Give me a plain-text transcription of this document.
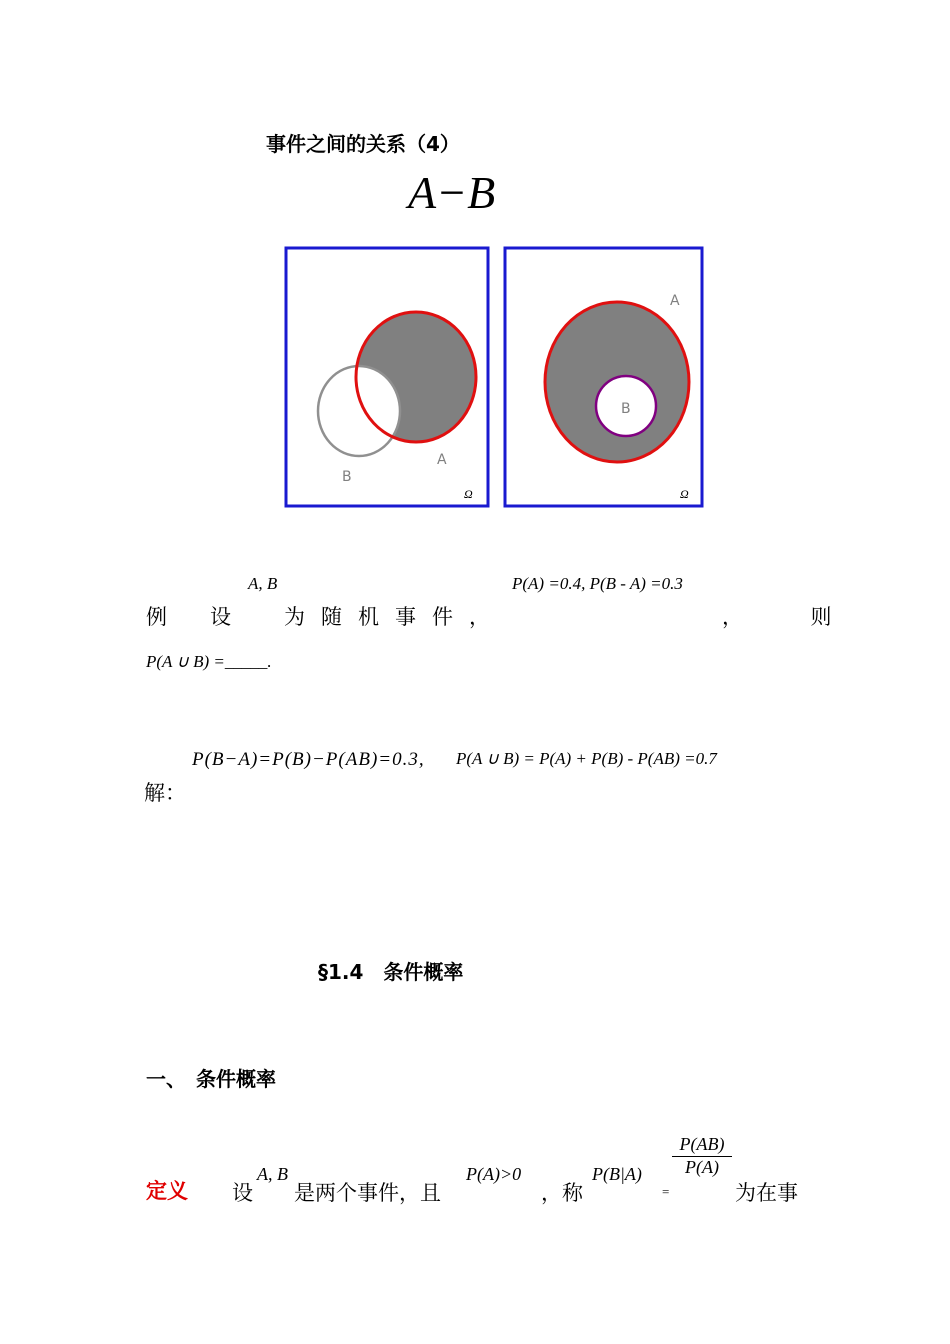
事件之间的关系（4）
A−B
A
B
Ω
A
B
Ω
A, B	P(A) =0.4, P(B - A) =0.3
例 设	为随机事件，	，　　则
P(A ∪ B) =_____.
P(B−A)=P(B)−P(AB)=0.3, P(A ∪ B) = P(A) + P(B) - P(AB) =0.7
解：
§1.4　条件概率
一、　条件概率
定义 设
A, B
是两个事件，且
P(A)>0
，称
P(B|A)
=
$\frac{P(AB)}{P(A)}$
为在事
